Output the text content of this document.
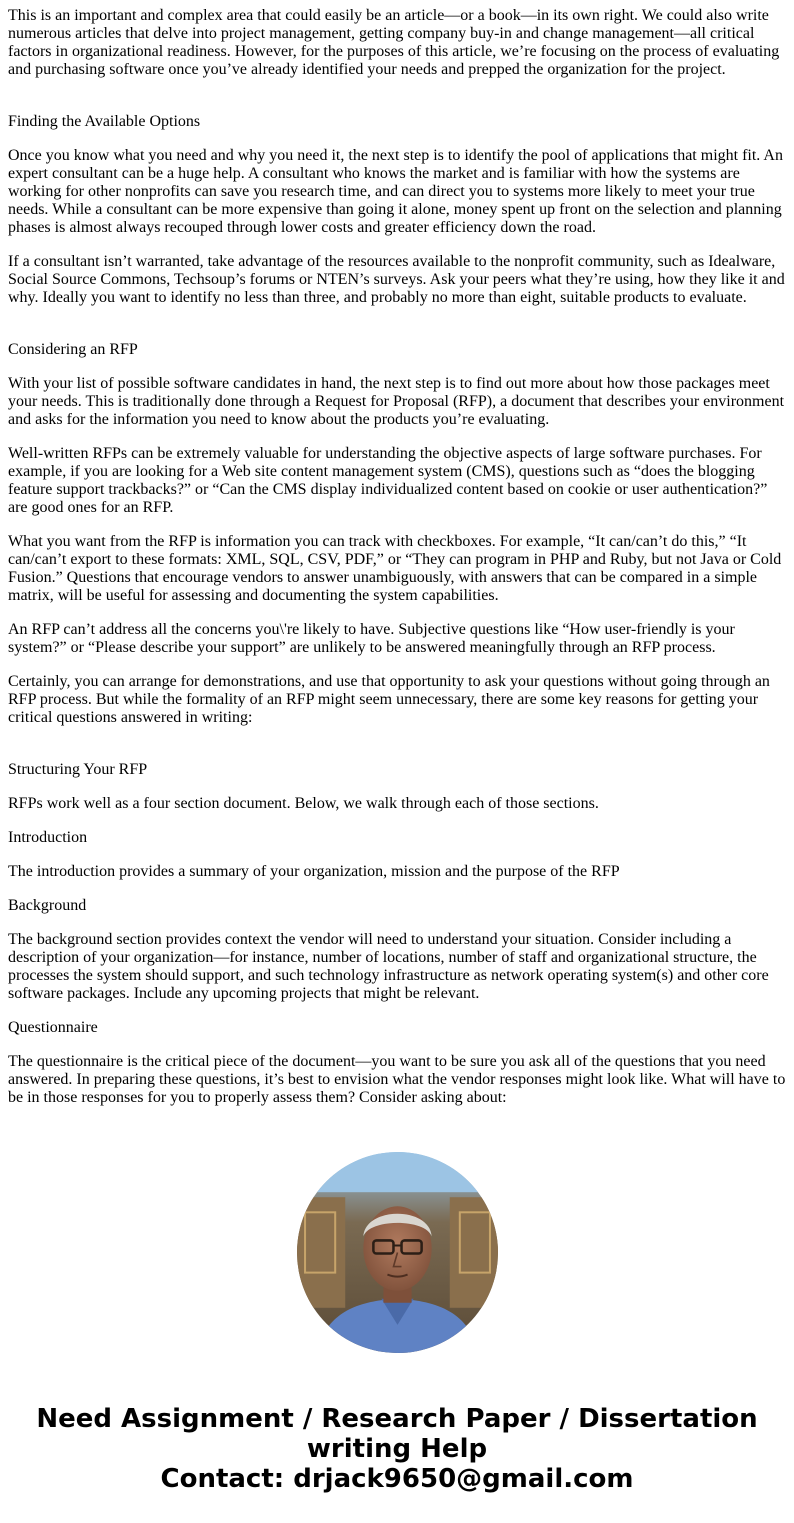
This is an important and complex area that could easily be an article—or a book—in its own right. We could also write numerous articles that delve into project management, getting company buy-in and change management—all critical factors in organizational readiness. However, for the purposes of this article, we’re focusing on the process of evaluating and purchasing software once you’ve already identified your needs and prepped the organization for the project.

Finding the Available Options

Once you know what you need and why you need it, the next step is to identify the pool of applications that might fit. An expert consultant can be a huge help. A consultant who knows the market and is familiar with how the systems are working for other nonprofits can save you research time, and can direct you to systems more likely to meet your true needs. While a consultant can be more expensive than going it alone, money spent up front on the selection and planning phases is almost always recouped through lower costs and greater efficiency down the road.

If a consultant isn’t warranted, take advantage of the resources available to the nonprofit community, such as Idealware, Social Source Commons, Techsoup’s forums or NTEN’s surveys. Ask your peers what they’re using, how they like it and why. Ideally you want to identify no less than three, and probably no more than eight, suitable products to evaluate.

Considering an RFP

With your list of possible software candidates in hand, the next step is to find out more about how those packages meet your needs. This is traditionally done through a Request for Proposal (RFP), a document that describes your environment and asks for the information you need to know about the products you’re evaluating.

Well-written RFPs can be extremely valuable for understanding the objective aspects of large software purchases. For example, if you are looking for a Web site content management system (CMS), questions such as “does the blogging feature support trackbacks?” or “Can the CMS display individualized content based on cookie or user authentication?” are good ones for an RFP.

What you want from the RFP is information you can track with checkboxes. For example, “It can/can’t do this,” “It can/can’t export to these formats: XML, SQL, CSV, PDF,” or “They can program in PHP and Ruby, but not Java or Cold Fusion.” Questions that encourage vendors to answer unambiguously, with answers that can be compared in a simple matrix, will be useful for assessing and documenting the system capabilities.

An RFP can’t address all the concerns you\'re likely to have. Subjective questions like “How user-friendly is your system?” or “Please describe your support” are unlikely to be answered meaningfully through an RFP process.

Certainly, you can arrange for demonstrations, and use that opportunity to ask your questions without going through an RFP process. But while the formality of an RFP might seem unnecessary, there are some key reasons for getting your critical questions answered in writing:

Structuring Your RFP

RFPs work well as a four section document. Below, we walk through each of those sections.

Introduction

The introduction provides a summary of your organization, mission and the purpose of the RFP

Background

The background section provides context the vendor will need to understand your situation. Consider including a description of your organization—for instance, number of locations, number of staff and organizational structure, the processes the system should support, and such technology infrastructure as network operating system(s) and other core software packages. Include any upcoming projects that might be relevant.

Questionnaire

The questionnaire is the critical piece of the document—you want to be sure you ask all of the questions that you need answered. In preparing these questions, it’s best to envision what the vendor responses might look like. What will have to be in those responses for you to properly assess them? Consider asking about:

Need Assignment / Research Paper / Dissertation
writing Help
Contact: drjack9650@gmail.com
